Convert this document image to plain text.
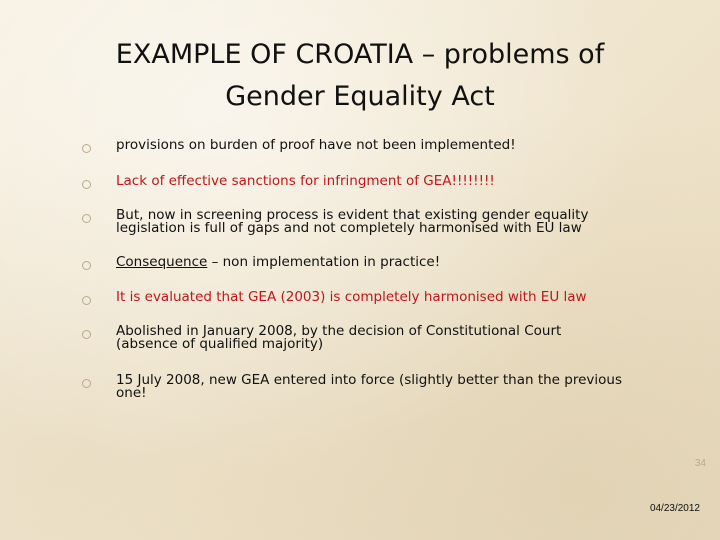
EXAMPLE OF CROATIA – problems of
Gender Equality Act
provisions on burden of proof have not been implemented!
Lack of effective sanctions for infringment of GEA!!!!!!!!
But, now in screening process is evident that existing gender equality legislation is full of gaps and not completely harmonised with EU law
Consequence – non implementation in practice!
It is evaluated that GEA (2003) is completely harmonised with EU law
Abolished in January 2008, by the decision of Constitutional Court (absence of qualified majority)
15 July 2008, new GEA entered into force (slightly better than the previous one!
34
04/23/2012
